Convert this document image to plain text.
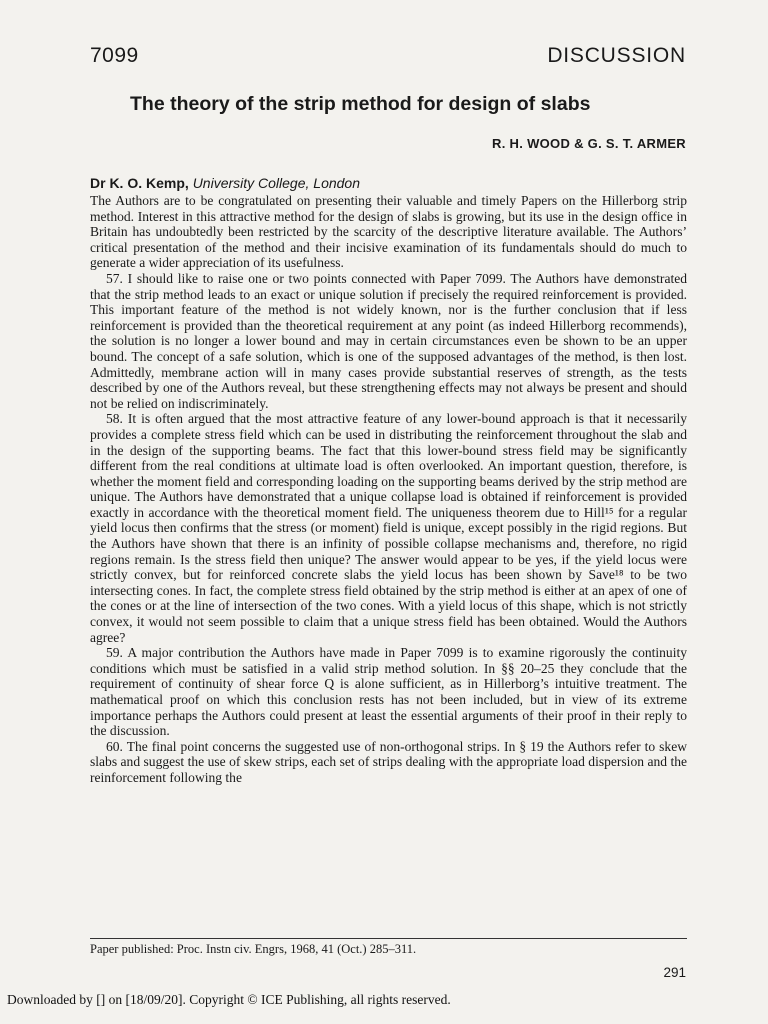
7099	DISCUSSION
The theory of the strip method for design of slabs
R. H. WOOD & G. S. T. ARMER
Dr K. O. Kemp, University College, London

The Authors are to be congratulated on presenting their valuable and timely Papers on the Hillerborg strip method. Interest in this attractive method for the design of slabs is growing, but its use in the design office in Britain has undoubtedly been restricted by the scarcity of the descriptive literature available. The Authors’ critical presentation of the method and their incisive examination of its fundamentals should do much to generate a wider appreciation of its usefulness.

57. I should like to raise one or two points connected with Paper 7099. The Authors have demonstrated that the strip method leads to an exact or unique solution if precisely the required reinforcement is provided. This important feature of the method is not widely known, nor is the further conclusion that if less reinforcement is provided than the theoretical requirement at any point (as indeed Hillerborg recommends), the solution is no longer a lower bound and may in certain circumstances even be shown to be an upper bound. The concept of a safe solution, which is one of the supposed advantages of the method, is then lost. Admittedly, membrane action will in many cases provide substantial reserves of strength, as the tests described by one of the Authors reveal, but these strengthening effects may not always be present and should not be relied on indiscriminately.

58. It is often argued that the most attractive feature of any lower-bound approach is that it necessarily provides a complete stress field which can be used in distributing the reinforcement throughout the slab and in the design of the supporting beams. The fact that this lower-bound stress field may be significantly different from the real conditions at ultimate load is often overlooked. An important question, therefore, is whether the moment field and corresponding loading on the supporting beams derived by the strip method are unique. The Authors have demonstrated that a unique collapse load is obtained if reinforcement is provided exactly in accordance with the theoretical moment field. The uniqueness theorem due to Hill¹⁵ for a regular yield locus then confirms that the stress (or moment) field is unique, except possibly in the rigid regions. But the Authors have shown that there is an infinity of possible collapse mechanisms and, therefore, no rigid regions remain. Is the stress field then unique? The answer would appear to be yes, if the yield locus were strictly convex, but for reinforced concrete slabs the yield locus has been shown by Save¹⁸ to be two intersecting cones. In fact, the complete stress field obtained by the strip method is either at an apex of one of the cones or at the line of intersection of the two cones. With a yield locus of this shape, which is not strictly convex, it would not seem possible to claim that a unique stress field has been obtained. Would the Authors agree?

59. A major contribution the Authors have made in Paper 7099 is to examine rigorously the continuity conditions which must be satisfied in a valid strip method solution. In §§ 20–25 they conclude that the requirement of continuity of shear force Q is alone sufficient, as in Hillerborg’s intuitive treatment. The mathematical proof on which this conclusion rests has not been included, but in view of its extreme importance perhaps the Authors could present at least the essential arguments of their proof in their reply to the discussion.

60. The final point concerns the suggested use of non-orthogonal strips. In § 19 the Authors refer to skew slabs and suggest the use of skew strips, each set of strips dealing with the appropriate load dispersion and the reinforcement following the

Paper published: Proc. Instn civ. Engrs, 1968, 41 (Oct.) 285–311.
291
Downloaded by [] on [18/09/20]. Copyright © ICE Publishing, all rights reserved.
